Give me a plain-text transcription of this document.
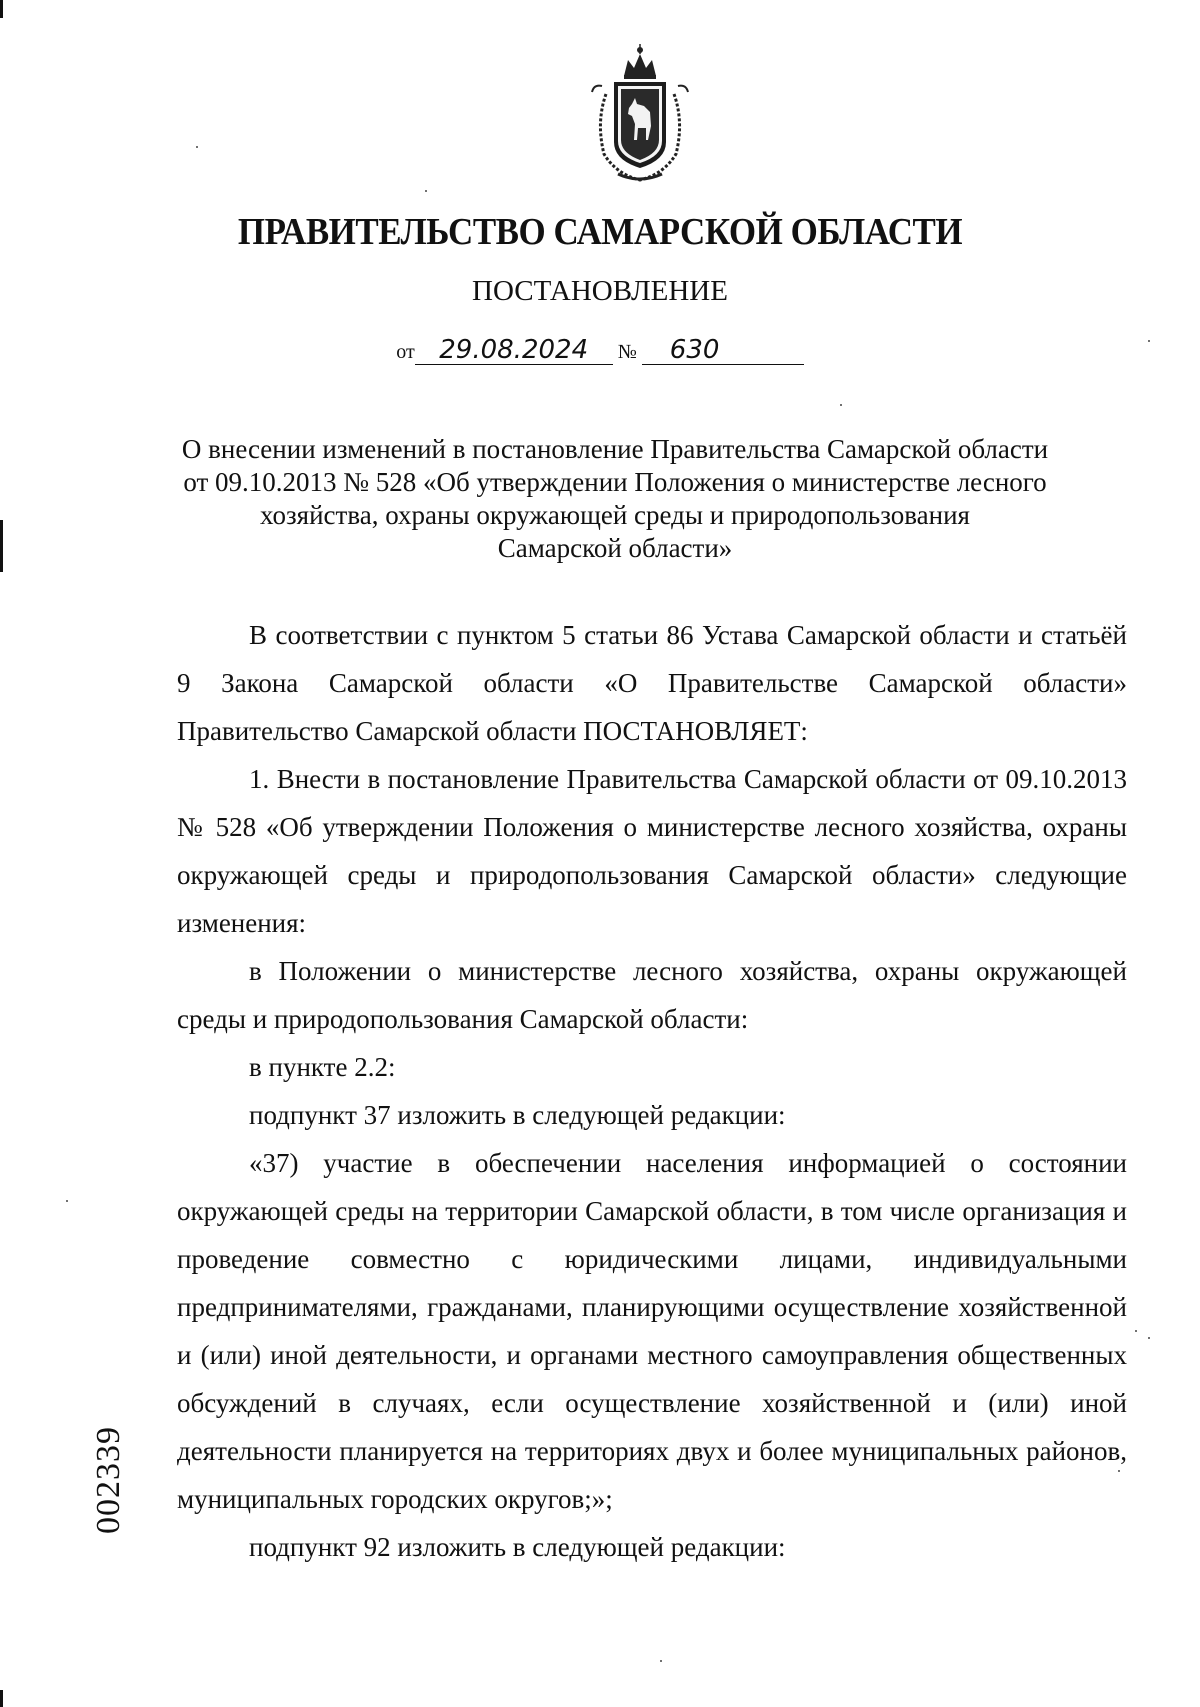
ПРАВИТЕЛЬСТВО САМАРСКОЙ ОБЛАСТИ
ПОСТАНОВЛЕНИЕ
от 29.08.2024 № 630
О внесении изменений в постановление Правительства Самарской области
от 09.10.2013 № 528 «Об утверждении Положения о министерстве лесного
хозяйства, охраны окружающей среды и природопользования
Самарской области»

В соответствии с пунктом 5 статьи 86 Устава Самарской области и статьёй 9 Закона Самарской области «О Правительстве Самарской области» Правительство Самарской области ПОСТАНОВЛЯЕТ:

1. Внести в постановление Правительства Самарской области от 09.10.2013 № 528 «Об утверждении Положения о министерстве лесного хозяйства, охраны окружающей среды и природопользования Самарской области» следующие изменения:

в Положении о министерстве лесного хозяйства, охраны окружающей среды и природопользования Самарской области:

в пункте 2.2:

подпункт 37 изложить в следующей редакции:

«37) участие в обеспечении населения информацией о состоянии окружающей среды на территории Самарской области, в том числе организация и проведение совместно с юридическими лицами, индивидуальными предпринимателями, гражданами, планирующими осуществление хозяйственной и (или) иной деятельности, и органами местного самоуправления общественных обсуждений в случаях, если осуществление хозяйственной и (или) иной деятельности планируется на территориях двух и более муниципальных районов, муниципальных городских округов;»;

подпункт 92 изложить в следующей редакции:

002339
